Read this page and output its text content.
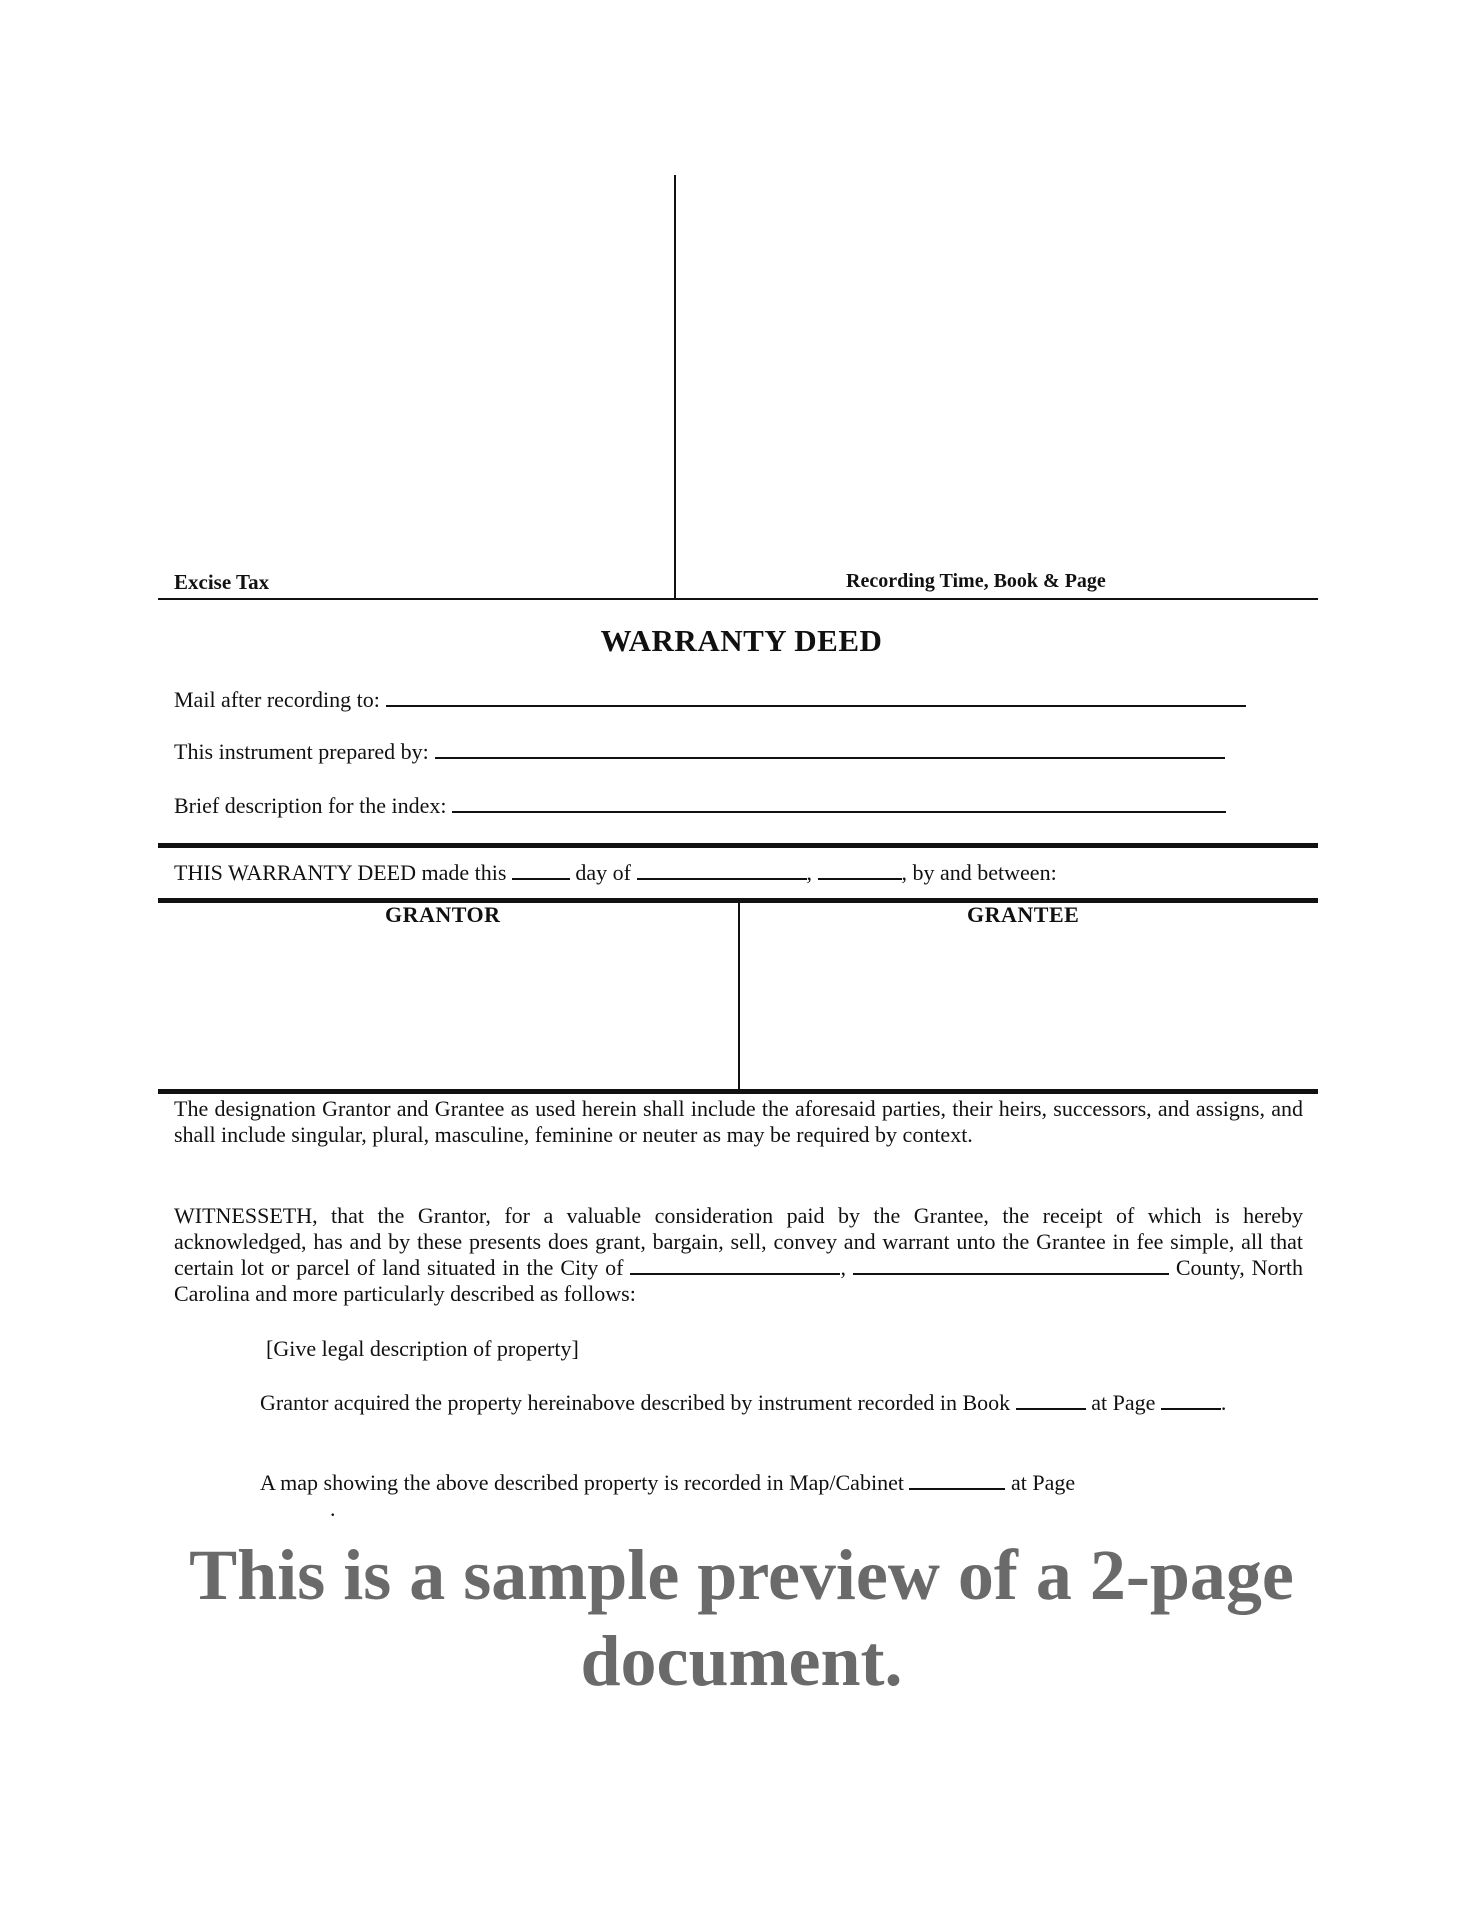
Excise Tax	Recording Time, Book & Page
WARRANTY DEED
Mail after recording to:
This instrument prepared by:
Brief description for the index:
THIS WARRANTY DEED made this	day of	,	, by and between:
GRANTOR	GRANTEE
The designation Grantor and Grantee as used herein shall include the aforesaid parties, their heirs, successors, and assigns, and shall include singular, plural, masculine, feminine or neuter as may be required by context.
WITNESSETH, that the Grantor, for a valuable consideration paid by the Grantee, the receipt of which is hereby acknowledged, has and by these presents does grant, bargain, sell, convey and warrant unto the Grantee in fee simple, all that certain lot or parcel of land situated in the City of	,	County, North Carolina and more particularly described as follows:
[Give legal description of property]
Grantor acquired the property hereinabove described by instrument recorded in Book	at Page	.
A map showing the above described property is recorded in Map/Cabinet	at Page
.
This is a sample preview of a 2-page
document.
